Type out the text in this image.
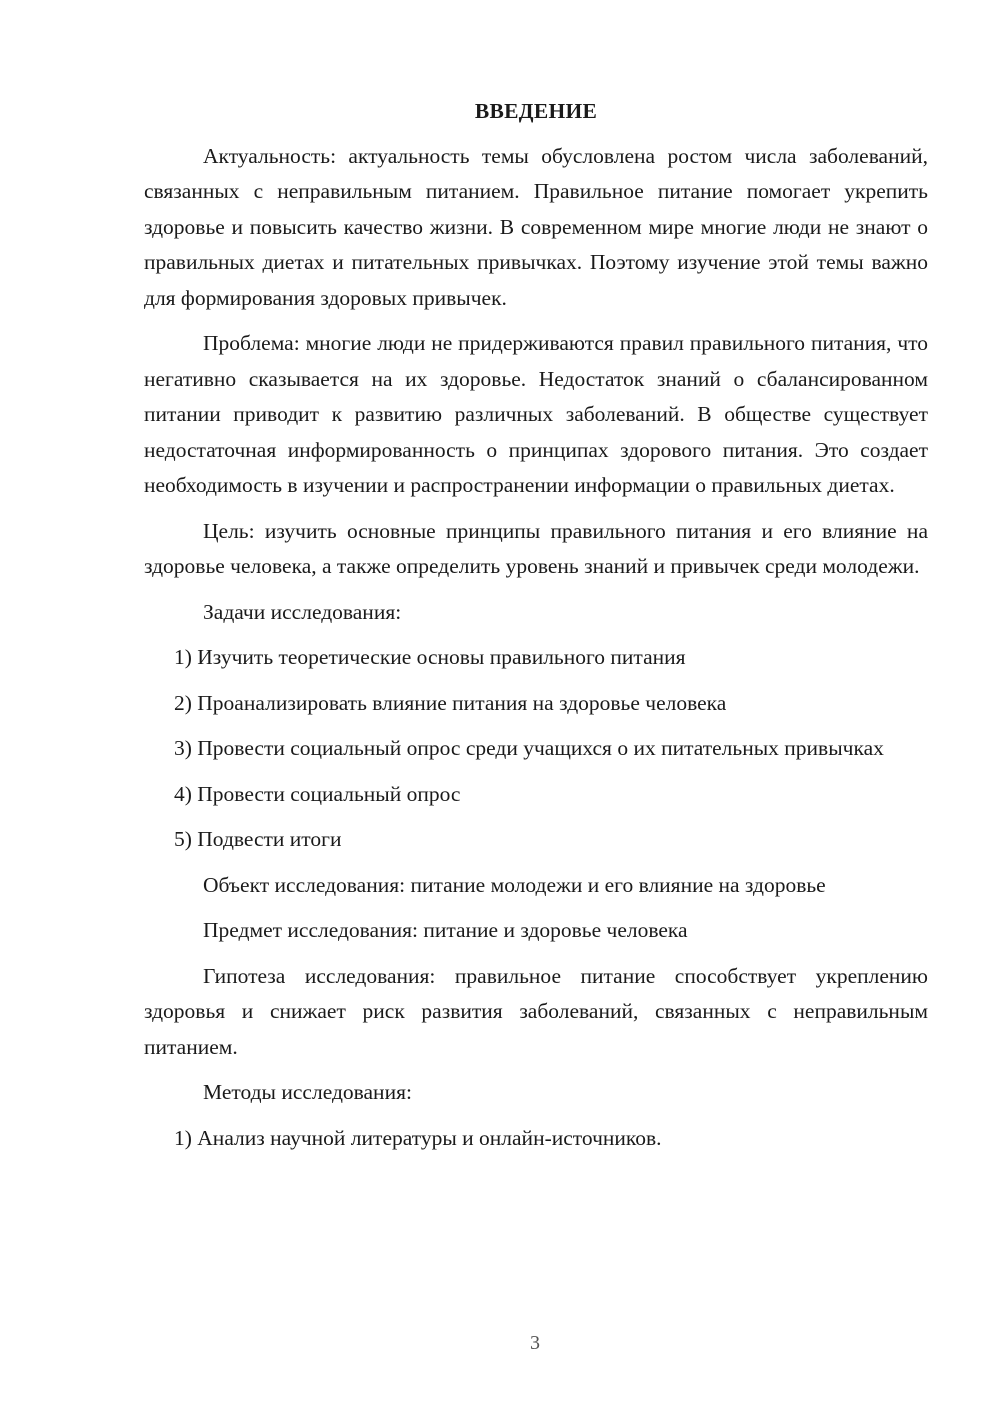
ВВЕДЕНИЕ

Актуальность: актуальность темы обусловлена ростом числа заболеваний, связанных с неправильным питанием. Правильное питание помогает укрепить здоровье и повысить качество жизни. В современном мире многие люди не знают о правильных диетах и питательных привычках. Поэтому изучение этой темы важно для формирования здоровых привычек.

Проблема: многие люди не придерживаются правил правильного питания, что негативно сказывается на их здоровье. Недостаток знаний о сбалансированном питании приводит к развитию различных заболеваний. В обществе существует недостаточная информированность о принципах здорового питания. Это создает необходимость в изучении и распространении информации о правильных диетах.

Цель: изучить основные принципы правильного питания и его влияние на здоровье человека, а также определить уровень знаний и привычек среди молодежи.

Задачи исследования:

1) Изучить теоретические основы правильного питания

2) Проанализировать влияние питания на здоровье человека

3) Провести социальный опрос среди учащихся о их питательных привычках

4) Провести социальный опрос

5) Подвести итоги

Объект исследования: питание молодежи и его влияние на здоровье

Предмет исследования: питание и здоровье человека

Гипотеза исследования: правильное питание способствует укреплению здоровья и снижает риск развития заболеваний, связанных с неправильным питанием.

Методы исследования:

1) Анализ научной литературы и онлайн-источников.

3
